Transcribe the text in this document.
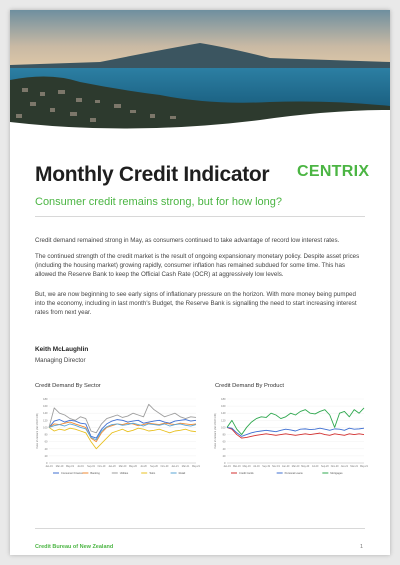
Monthly Credit Indicator CENTRIX
Consumer credit remains strong, but for how long?
Credit demand remained strong in May, as consumers continued to take advantage of record low interest rates.
The continued strength of the credit market is the result of ongoing expansionary monetary policy. Despite asset prices (including the housing market) growing rapidly, consumer inflation has remained subdued for some time. This has allowed the Reserve Bank to keep the Official Cash Rate (OCR) at aggressively low levels.
But, we are now beginning to see early signs of inflationary pressure on the horizon. With more money being pumped into the economy, including in last month's Budget, the Reserve Bank is signalling the need to start increasing interest rates from next year.
Keith McLaughlin
Managing Director
Credit Demand By Sector	Credit Demand By Product
Index of demand (Jan 2019=100)
0
20
40
60
80
100
120
140
160
180
Jan-19 Mar-19 May-19 Jul-19 Sep-19 Nov-19 Jan-20 Mar-20 May-20 Jul-20 Sep-20 Nov-20 Jan-21 Mar-21 May-21
Consumer Finance	Banking	Utilities	Telco	Retail
Index of demand (Jan 2019=100)
0
20
40
60
80
100
120
140
160
180
Jan-19 Mar-19 May-19 Jul-19 Sep-19 Nov-19 Jan-20 Mar-20 May-20 Jul-20 Sep-20 Nov-20 Jan-21 Mar-21 May-21
Credit Cards	Personal Loans	Mortgages
Credit Bureau of New Zealand	1
